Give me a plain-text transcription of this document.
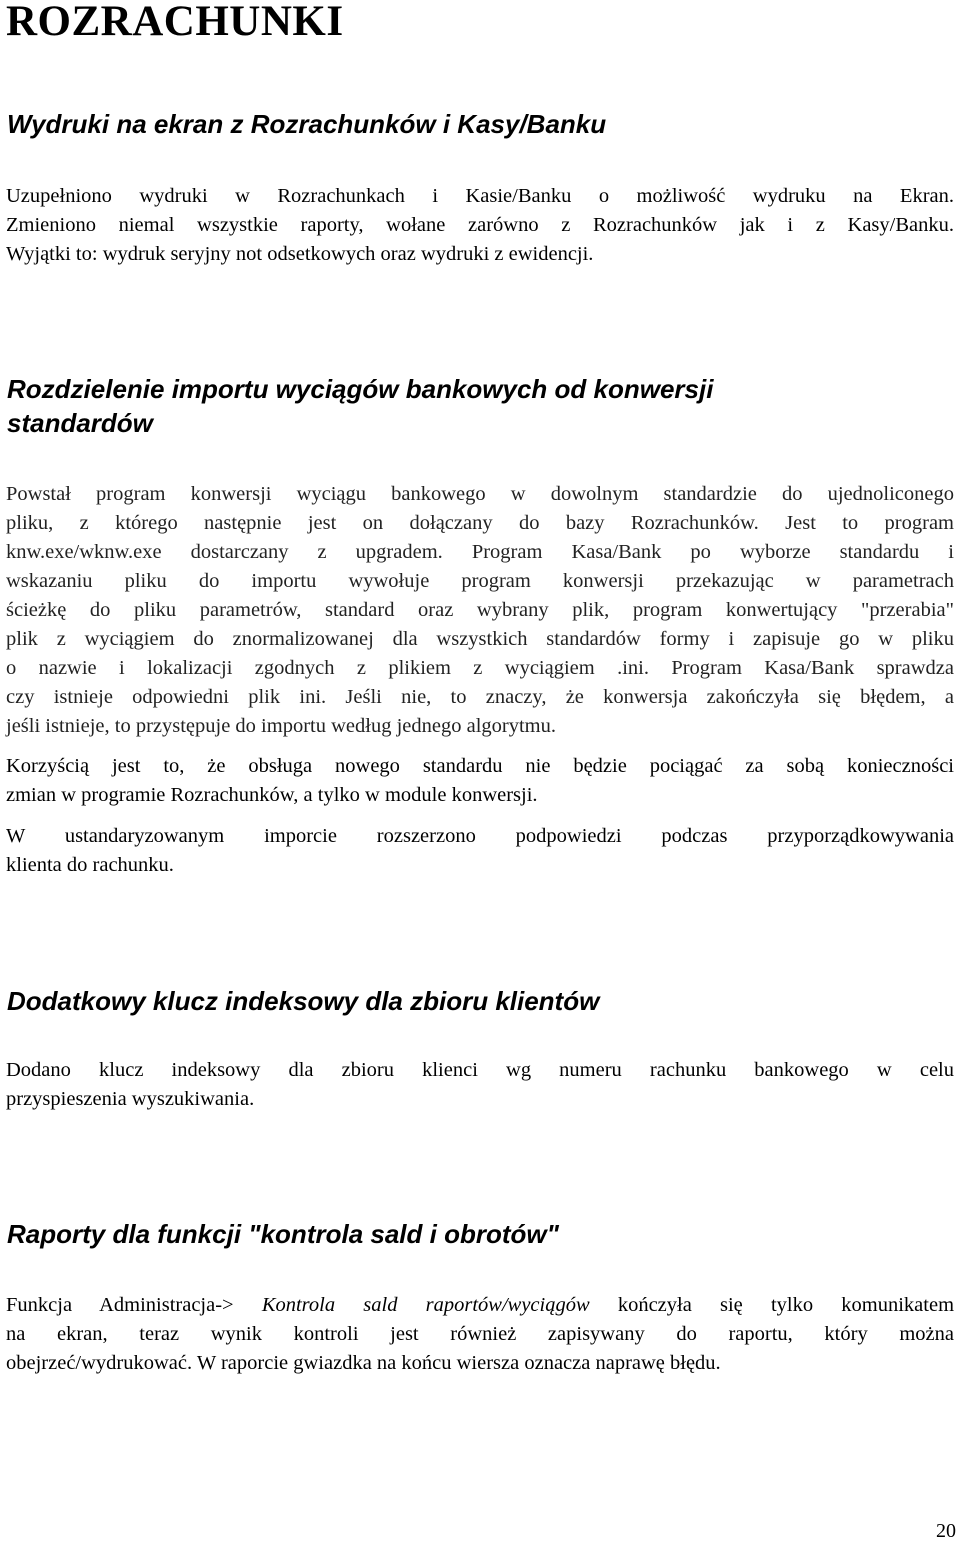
ROZRACHUNKI
Wydruki na ekran z Rozrachunków i Kasy/Banku
Uzupełniono wydruki w Rozrachunkach i Kasie/Banku o możliwość wydruku na Ekran.
Zmieniono niemal wszystkie raporty, wołane zarówno z Rozrachunków jak i z Kasy/Banku.
Wyjątki to: wydruk seryjny not odsetkowych oraz wydruki z ewidencji.
Rozdzielenie importu wyciągów bankowych od konwersji
standardów
Powstał program konwersji wyciągu bankowego w dowolnym standardzie do ujednoliconego
pliku, z którego następnie jest on dołączany do bazy Rozrachunków. Jest to program
knw.exe/wknw.exe dostarczany z upgradem. Program Kasa/Bank po wyborze standardu i
wskazaniu pliku do importu wywołuje program konwersji przekazując w parametrach
ścieżkę do pliku parametrów, standard oraz wybrany plik, program konwertujący "przerabia"
plik z wyciągiem do znormalizowanej dla wszystkich standardów formy i zapisuje go w pliku
o nazwie i lokalizacji zgodnych z plikiem z wyciągiem .ini. Program Kasa/Bank sprawdza
czy istnieje odpowiedni plik ini. Jeśli nie, to znaczy, że konwersja zakończyła się błędem, a
jeśli istnieje, to przystępuje do importu według jednego algorytmu.
Korzyścią jest to, że obsługa nowego standardu nie będzie pociągać za sobą konieczności
zmian w programie Rozrachunków, a tylko w module konwersji.
W ustandaryzowanym imporcie rozszerzono podpowiedzi podczas przyporządkowywania
klienta do rachunku.
Dodatkowy klucz indeksowy dla zbioru klientów
Dodano klucz indeksowy dla zbioru klienci wg numeru rachunku bankowego w celu
przyspieszenia wyszukiwania.
Raporty dla funkcji "kontrola sald i obrotów"
Funkcja Administracja-> Kontrola sald raportów/wyciągów kończyła się tylko komunikatem
na ekran, teraz wynik kontroli jest również zapisywany do raportu, który można
obejrzeć/wydrukować. W raporcie gwiazdka na końcu wiersza oznacza naprawę błędu.
20
